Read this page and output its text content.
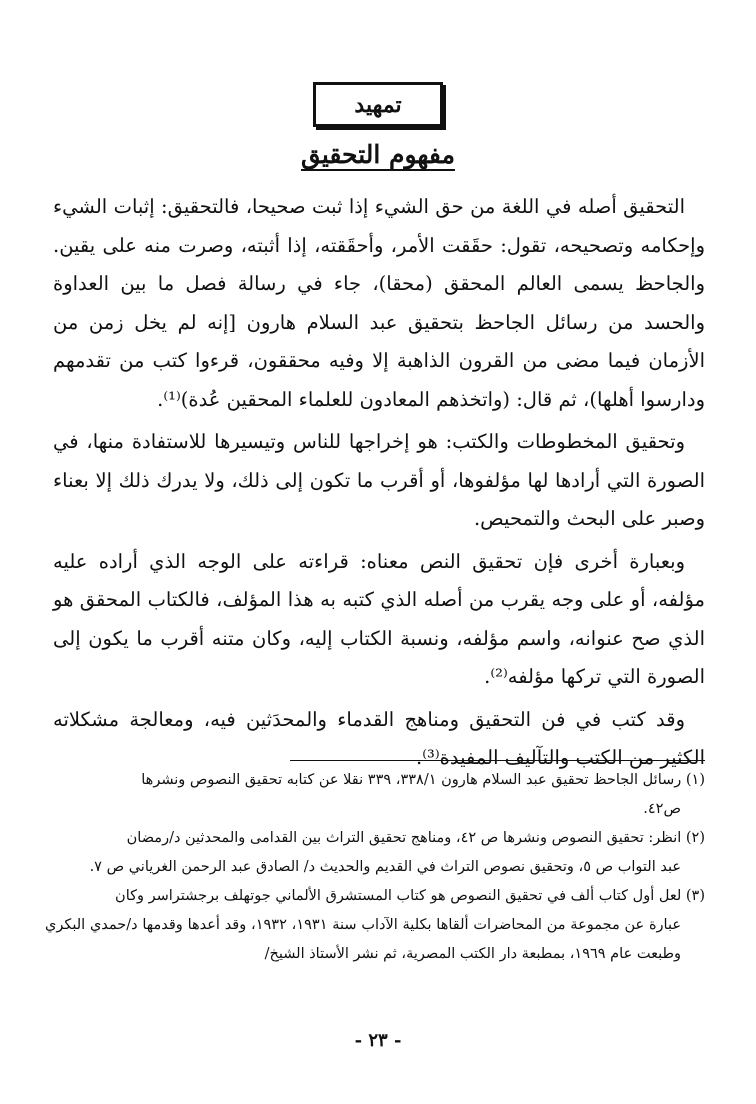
تمهيد
مفهوم التحقيق

التحقيق أصله في اللغة من حق الشيء إذا ثبت صحيحا، فالتحقيق: إثبات الشيء وإحكامه وتصحيحه، تقول: حقَقت الأمر، وأحقَقته، إذا أثبته، وصرت منه على يقين. والجاحظ يسمى العالم المحقق (محقا)، جاء في رسالة فصل ما بين العداوة والحسد من رسائل الجاحظ بتحقيق عبد السلام هارون [إنه لم يخل زمن من الأزمان فيما مضى من القرون الذاهبة إلا وفيه محققون، قرءوا كتب من تقدمهم ودارسوا أهلها)، ثم قال: (واتخذهم المعادون للعلماء المحقين عُدة)⁽¹⁾.

وتحقيق المخطوطات والكتب: هو إخراجها للناس وتيسيرها للاستفادة منها، في الصورة التي أرادها لها مؤلفوها، أو أقرب ما تكون إلى ذلك، ولا يدرك ذلك إلا بعناء وصبر على البحث والتمحيص.

وبعبارة أخرى فإن تحقيق النص معناه: قراءته على الوجه الذي أراده عليه مؤلفه، أو على وجه يقرب من أصله الذي كتبه به هذا المؤلف، فالكتاب المحقق هو الذي صح عنوانه، واسم مؤلفه، ونسبة الكتاب إليه، وكان متنه أقرب ما يكون إلى الصورة التي تركها مؤلفه⁽²⁾.

وقد كتب في فن التحقيق ومناهج القدماء والمحدَثين فيه، ومعالجة مشكلاته الكثير من الكتب والتآليف المفيدة⁽³⁾.

(١) رسائل الجاحظ تحقيق عبد السلام هارون ٣٣٨/١، ٣٣٩ نقلا عن كتابه تحقيق النصوص ونشرها

ص٤٢.

(٢) انظر: تحقيق النصوص ونشرها ص ٤٢، ومناهج تحقيق التراث بين القدامى والمحدثين د/رمضان

عبد التواب ص ٥، وتحقيق نصوص التراث في القديم والحديث د/ الصادق عبد الرحمن الغرياني ص ٧.

(٣) لعل أول كتاب ألف في تحقيق النصوص هو كتاب المستشرق الألماني جوتهلف برجشتراسر وكان

عبارة عن مجموعة من المحاضرات ألقاها بكلية الآداب سنة ١٩٣١، ١٩٣٢، وقد أعدها وقدمها د/حمدي البكري وطبعت عام ١٩٦٩، بمطبعة دار الكتب المصرية، ثم نشر الأستاذ الشيخ/

- ٢٣ -
